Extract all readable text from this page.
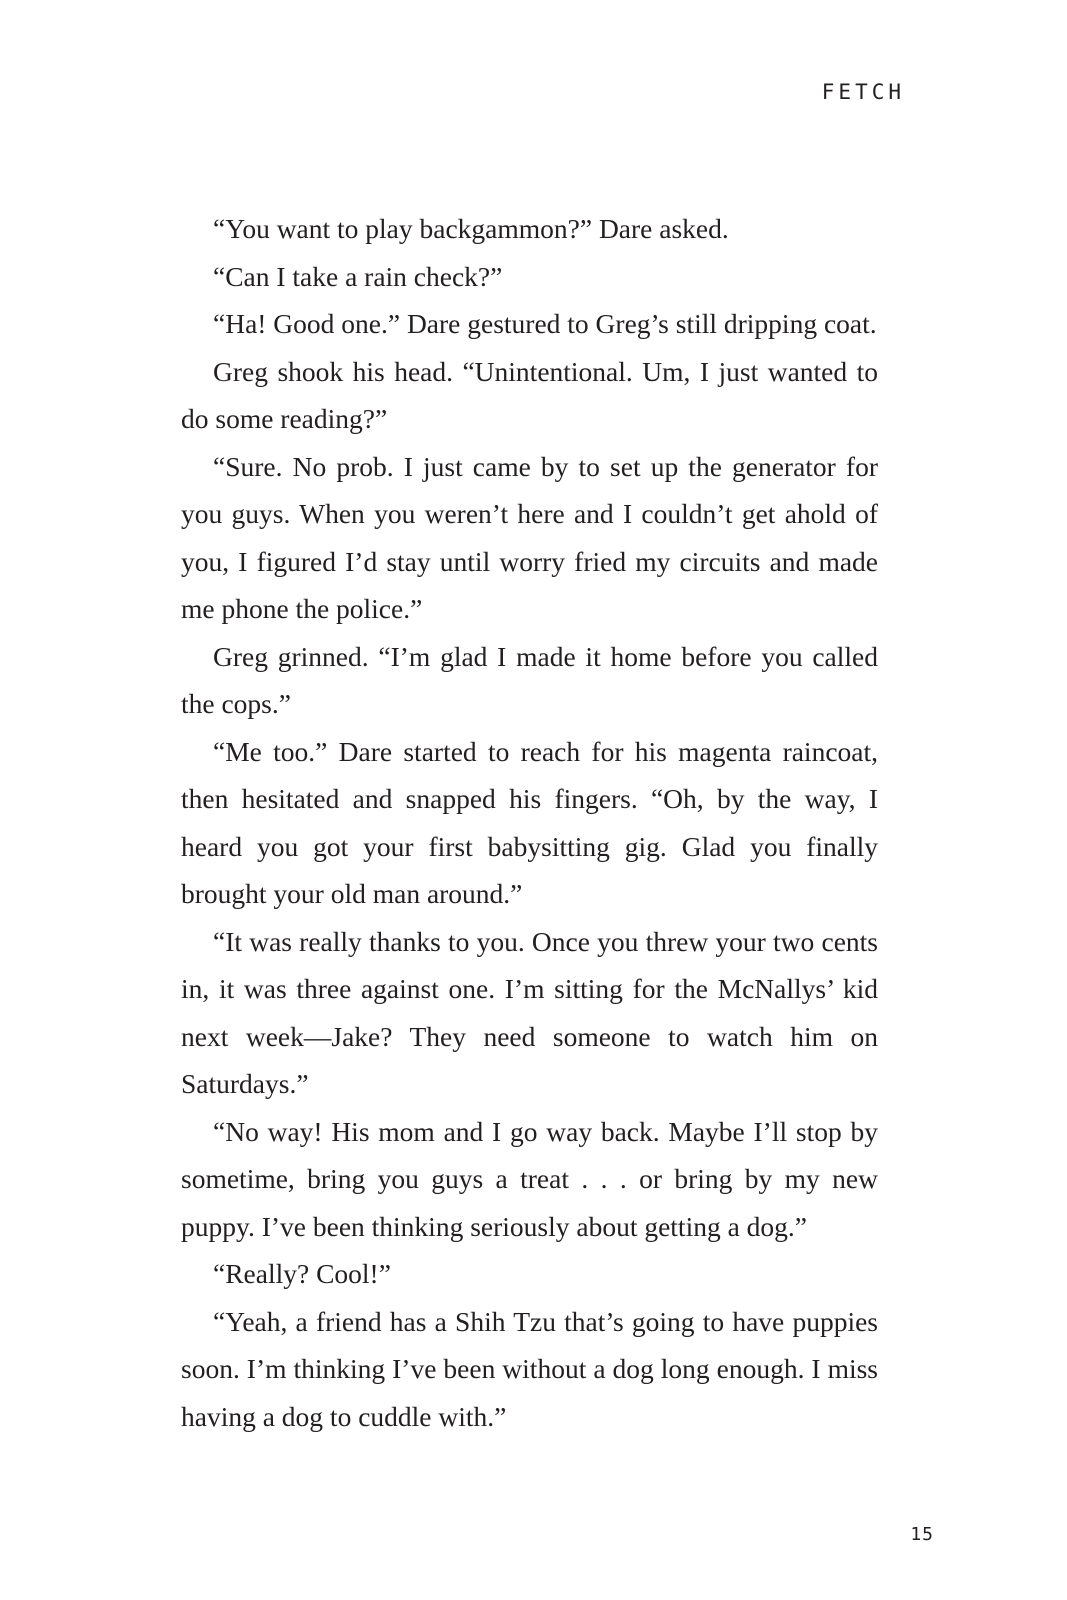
FETCH

“You want to play backgammon?” Dare asked.

“Can I take a rain check?”

“Ha! Good one.” Dare gestured to Greg’s still dripping coat.

Greg shook his head. “Unintentional. Um, I just wanted to do some reading?”

“Sure. No prob. I just came by to set up the generator for you guys. When you weren’t here and I couldn’t get ahold of you, I figured I’d stay until worry fried my circuits and made me phone the police.”

Greg grinned. “I’m glad I made it home before you called the cops.”

“Me too.” Dare started to reach for his magenta raincoat, then hesitated and snapped his fingers. “Oh, by the way, I heard you got your first babysitting gig. Glad you finally brought your old man around.”

“It was really thanks to you. Once you threw your two cents in, it was three against one. I’m sitting for the McNallys’ kid next week—Jake? They need someone to watch him on Saturdays.”

“No way! His mom and I go way back. Maybe I’ll stop by sometime, bring you guys a treat . . . or bring by my new puppy. I’ve been thinking seriously about getting a dog.”

“Really? Cool!”

“Yeah, a friend has a Shih Tzu that’s going to have puppies soon. I’m thinking I’ve been without a dog long enough. I miss having a dog to cuddle with.”

15
